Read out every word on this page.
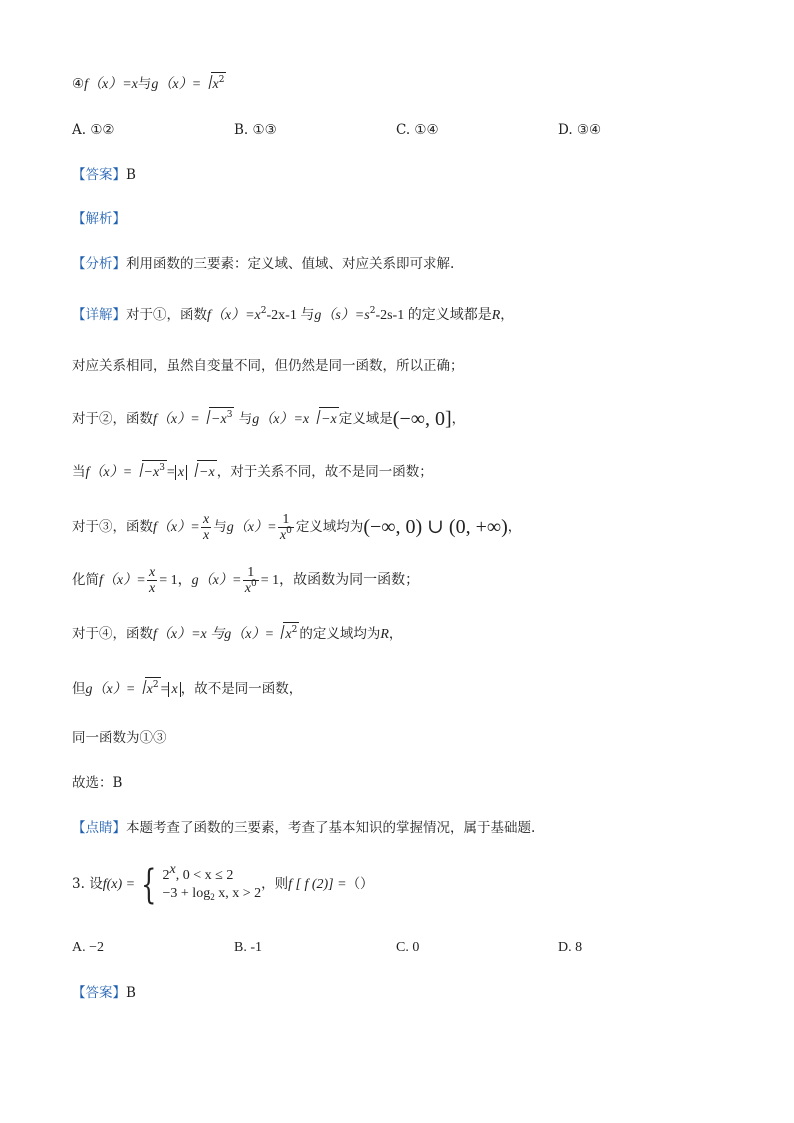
④f（x）=x与$g(x)= x^2$
A. ①②	B. ①③	C. ①④	D. ③④
【答案】B
【解析】
【分析】利用函数的三要素：定义域、值域、对应关系即可求解.
【详解】对于①，函数$f(x)=x^2-2x-1$ 与$g(s)=s^2-2s-1$ 的定义域都是R，
对应关系相同，虽然自变量不同，但仍然是同一函数，所以正确；
对于②，函数$f(x)= -x^3$ 与g（x）=x −x 定义域是(−∞, 0]，
当$f(x)= -x^3 = x -x$ ，对于关系不同，故不是同一函数；
对于③，函数$f(x)= \frac{x}{x}$ 与$g(x)= \frac{1}{x^0}$ 定义域均为(−∞, 0) ∪ (0, +∞)，
化简$f(x)= \frac{x}{x} = 1$，$g(x)= \frac{1}{x^0} = 1$，故函数为同一函数；
对于④，函数f（x）=x 与$g(x)= x^2$ 的定义域均为R，
但$g(x)= x^2 = x$ ，故不是同一函数，
同一函数为①③
故选：B
【点睛】本题考查了函数的三要素，考查了基本知识的掌握情况，属于基础题.
3. 设f(x) = { 2$^x$, 0 < x ≤ 2
$-3 + \log_2 x$, x > 2
，则f [ f (2)] =（）
A. −2	B. -1	C. 0	D. 8
【答案】B
